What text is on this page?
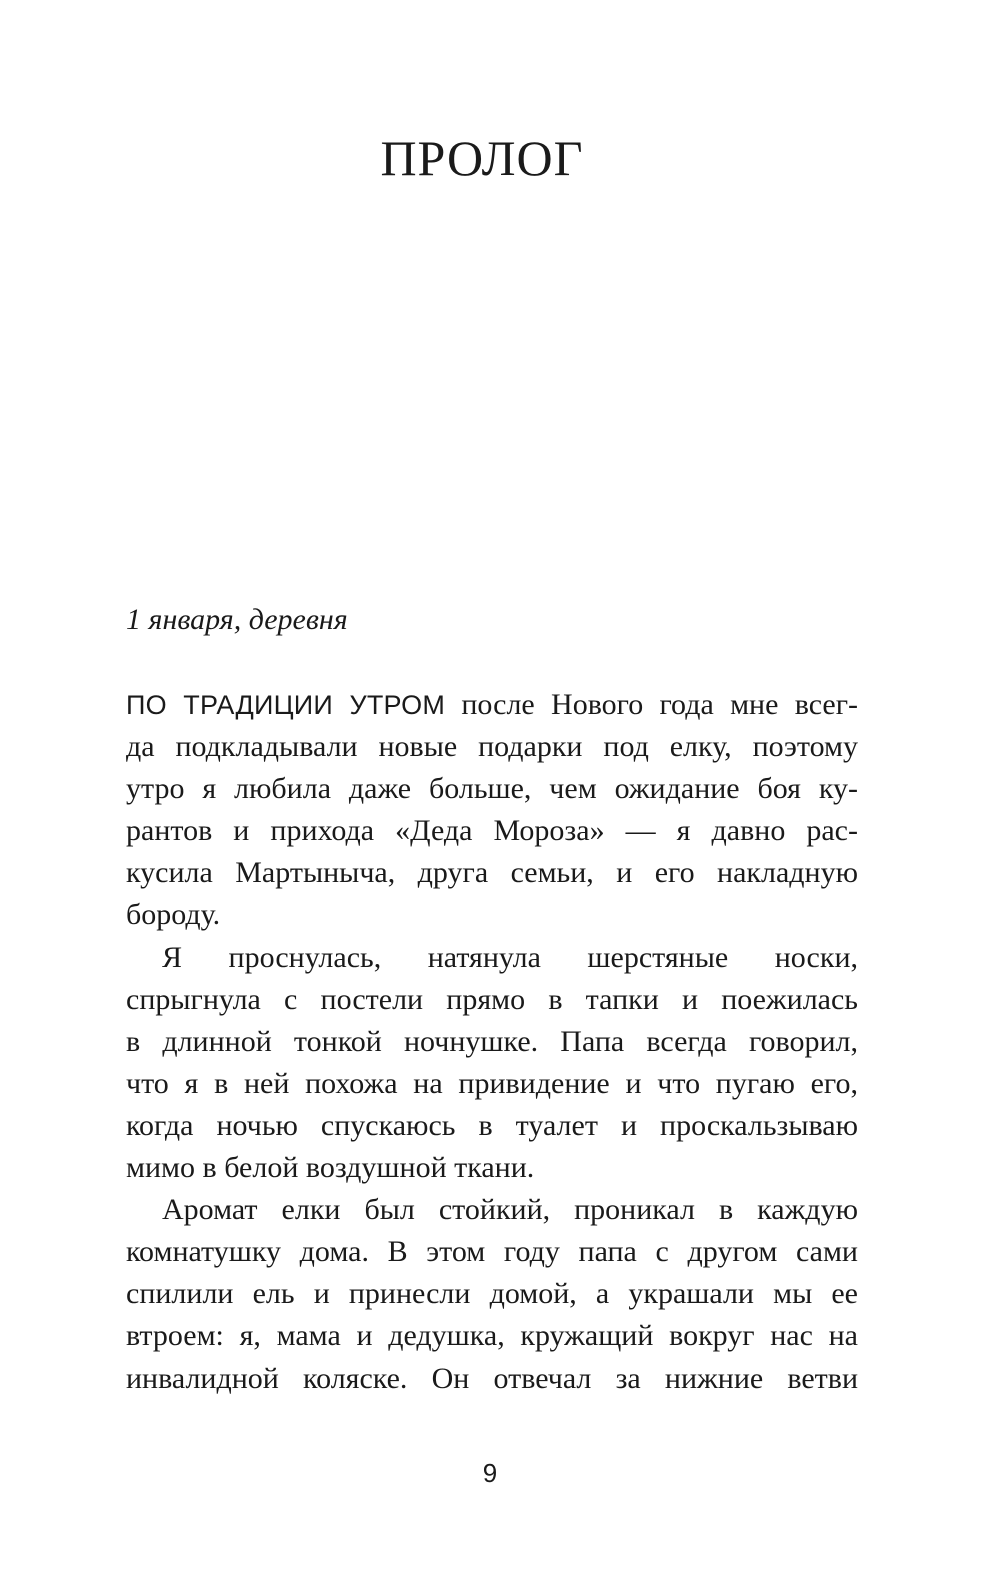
ПРОЛОГ

1 января, деревня

ПО ТРАДИЦИИ УТРОМ после Нового года мне всег-
да подкладывали новые подарки под елку, поэтому
утро я любила даже больше, чем ожидание боя ку-
рантов и прихода «Деда Мороза» — я давно рас-
кусила Мартыныча, друга семьи, и его накладную
бороду.
Я проснулась, натянула шерстяные носки,
спрыгнула с постели прямо в тапки и поежилась
в длинной тонкой ночнушке. Папа всегда говорил,
что я в ней похожа на привидение и что пугаю его,
когда ночью спускаюсь в туалет и проскальзываю
мимо в белой воздушной ткани.
Аромат елки был стойкий, проникал в каждую
комнатушку дома. В этом году папа с другом сами
спилили ель и принесли домой, а украшали мы ее
втроем: я, мама и дедушка, кружащий вокруг нас на
инвалидной коляске. Он отвечал за нижние ветви
9
